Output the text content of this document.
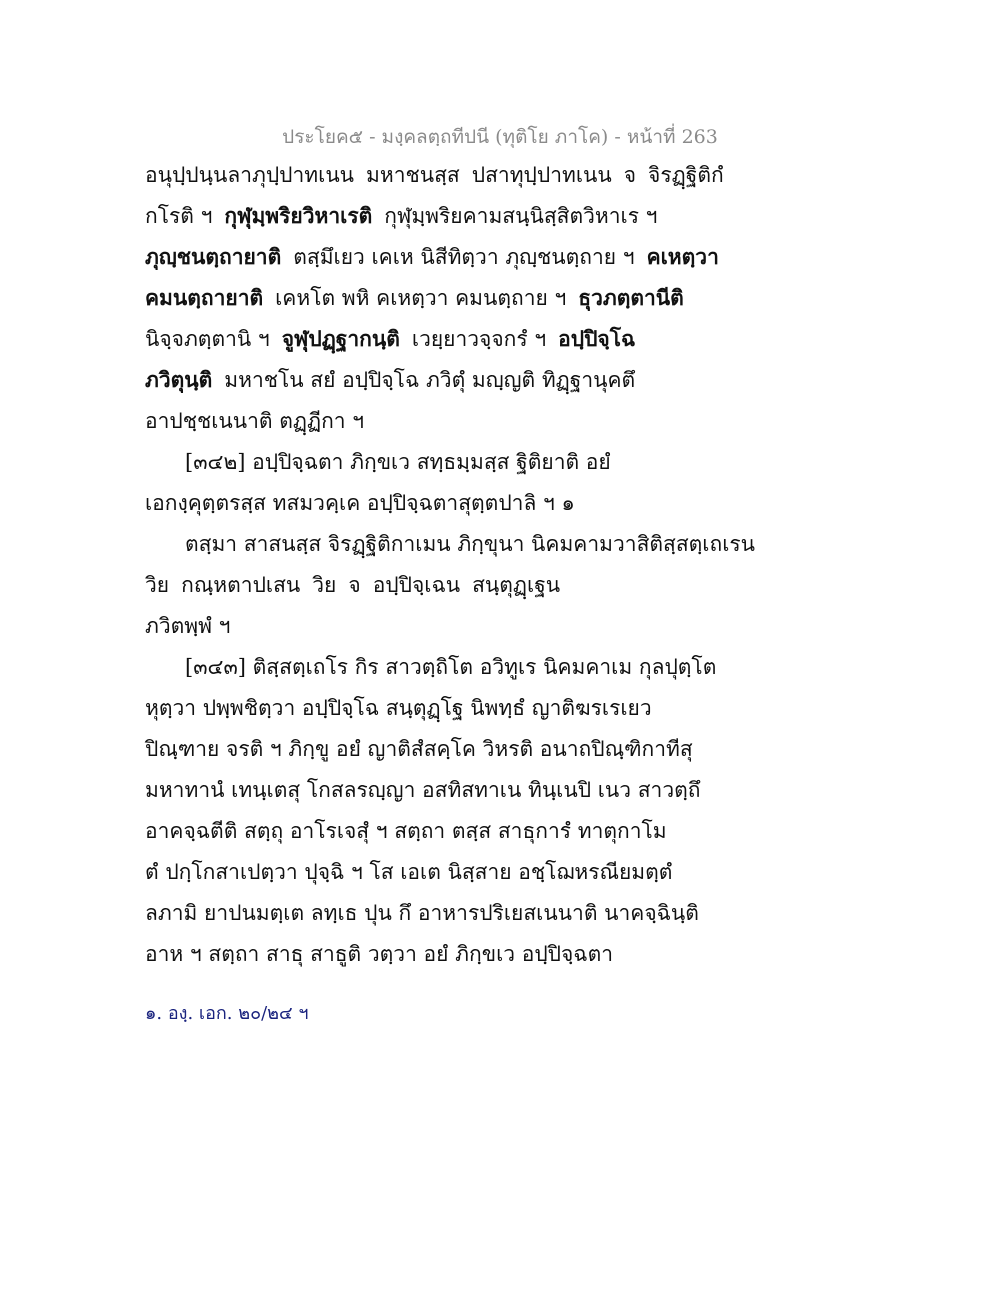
ประโยค๕ - มงฺคลตฺถทีปนี (ทุติโย ภาโค) - หน้าที่ 263
อนุปฺปนฺนลาภุปฺปาทเนน มหาชนสฺส ปสาทุปฺปาทเนน จ จิรฏฺฐิติกํ
กโรติ ฯ กุฬุมฺพริยวิหาเรติ กุฬุมฺพริยคามสนฺนิสฺสิตวิหาเร ฯ
ภุญฺชนตฺถายาติ ตสฺมึเยว เคเห นิสีทิตฺวา ภุญฺชนตฺถาย ฯ คเหตฺวา
คมนตฺถายาติ เคหโต พหิ คเหตฺวา คมนตฺถาย ฯ ธุวภตฺตานีติ
นิจฺจภตฺตานิ ฯ จูฬุปฏฺฐากนฺติ เวยฺยาวจฺจกรํ ฯ อปฺปิจฺโฉ
ภวิตุนฺติ มหาชโน สยํ อปฺปิจฺโฉ ภวิตุํ มญฺญติ ทิฏฺฐานุคตึ
อาปชฺชเนนาติ ตฏฺฏีกา ฯ
[๓๔๒] อปฺปิจฺฉตา ภิกฺขเว สทฺธมฺมสฺส ฐิติยาติ อยํ
เอกงฺคุตฺตรสฺส ทสมวคฺเค อปฺปิจฺฉตาสุตฺตปาลิ ฯ ๑
ตสฺมา สาสนสฺส จิรฏฺฐิติกาเมน ภิกฺขุนา นิคมคามวาสิติสฺสตฺเถเรน
วิย กณฺหตาปเสน วิย จ อปฺปิจฺเฉน สนฺตุฏฺเฐน
ภวิตพฺพํ ฯ
[๓๔๓] ติสฺสตฺเถโร กิร สาวตฺถิโต อวิทูเร นิคมคาเม กุลปุตฺโต
หุตฺวา ปพฺพชิตฺวา อปฺปิจฺโฉ สนฺตุฏฺโฐ นิพทฺธํ ญาติฆรเรเยว
ปิณฺฑาย จรติ ฯ ภิกฺขู อยํ ญาติสํสคฺโค วิหรติ อนาถปิณฺฑิกาทีสุ
มหาทานํ เทนฺเตสุ โกสลรญฺญา อสทิสทาเน ทินฺเนปิ เนว สาวตฺถึ
อาคจฺฉตีติ สตฺถุ อาโรเจสุํ ฯ สตฺถา ตสฺส สาธุการํ ทาตุกาโม
ตํ ปกฺโกสาเปตฺวา ปุจฺฉิ ฯ โส เอเต นิสฺสาย อชฺโฌหรณียมตฺตํ
ลภามิ ยาปนมตฺเต ลทฺเธ ปุน กึ อาหารปริเยสเนนาติ นาคจฺฉินฺติ
อาห ฯ สตฺถา สาธุ สาธูติ วตฺวา อยํ ภิกฺขเว อปฺปิจฺฉตา
๑. องฺ. เอก. ๒๐/๒๔ ฯ
